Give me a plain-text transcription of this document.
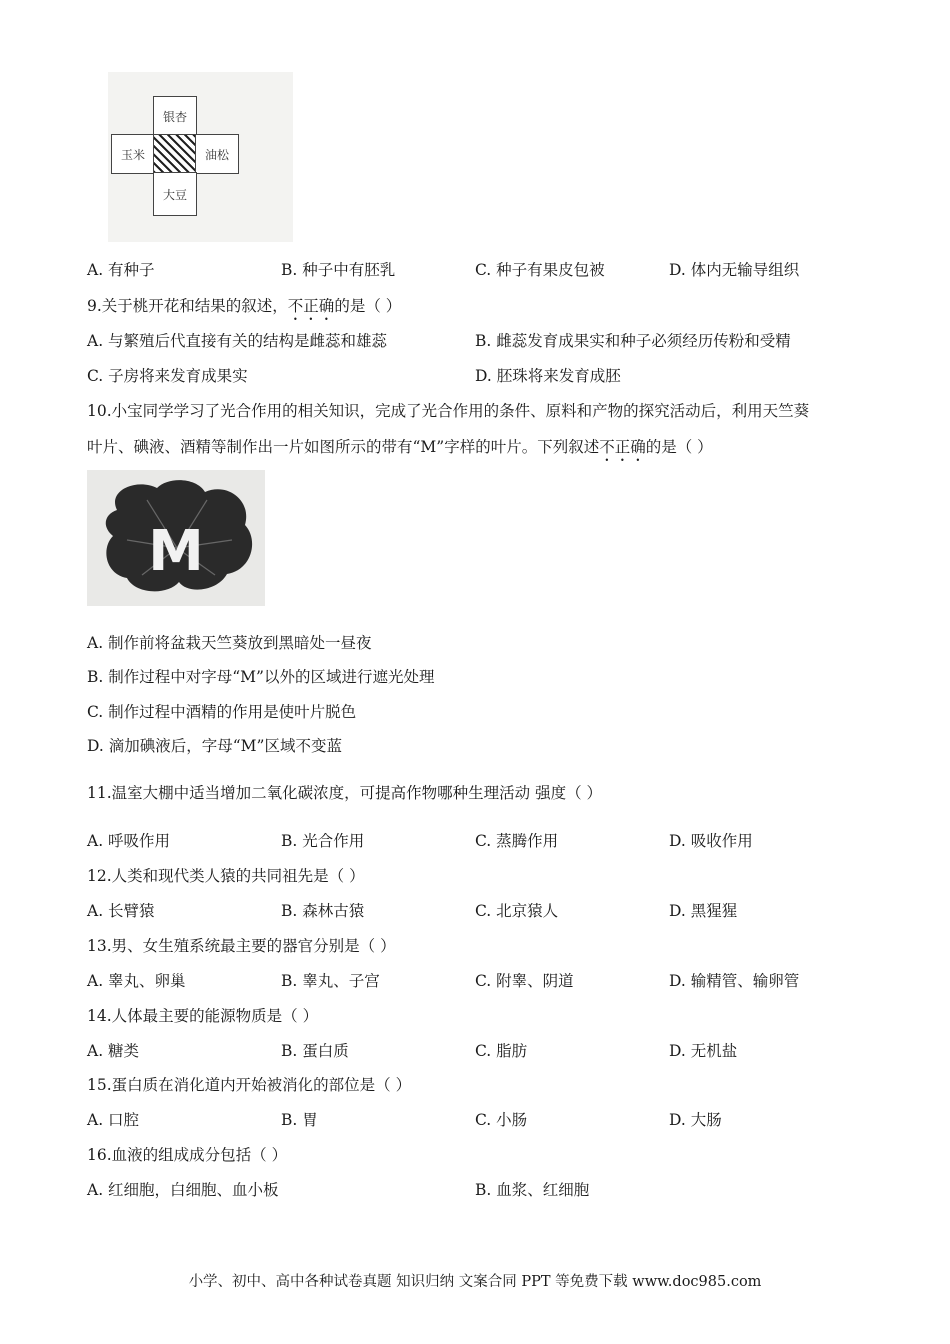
银杏
玉米	油松
大豆
A. 有种子	B. 种子中有胚乳	C. 种子有果皮包被	D. 体内无输导组织
9.关于桃开花和结果的叙述，不正确的是（ ）
A. 与繁殖后代直接有关的结构是雌蕊和雄蕊	B. 雌蕊发育成果实和种子必须经历传粉和受精
C. 子房将来发育成果实	D. 胚珠将来发育成胚
10.小宝同学学习了光合作用的相关知识，完成了光合作用的条件、原料和产物的探究活动后，利用天竺葵
叶片、碘液、酒精等制作出一片如图所示的带有“M”字样的叶片。下列叙述不正确的是（ ）
M
A. 制作前将盆栽天竺葵放到黑暗处一昼夜
B. 制作过程中对字母“M”以外的区域进行遮光处理
C. 制作过程中酒精的作用是使叶片脱色
D. 滴加碘液后，字母“M”区域不变蓝
11.温室大棚中适当增加二氧化碳浓度，可提高作物哪种生理活动 强度（ ）
A. 呼吸作用	B. 光合作用	C. 蒸腾作用	D. 吸收作用
12.人类和现代类人猿的共同祖先是（ ）
A. 长臂猿	B. 森林古猿	C. 北京猿人	D. 黑猩猩
13.男、女生殖系统最主要的器官分别是（ ）
A. 睾丸、卵巢	B. 睾丸、子宫	C. 附睾、阴道	D. 输精管、输卵管
14.人体最主要的能源物质是（ ）
A. 糖类	B. 蛋白质	C. 脂肪	D. 无机盐
15.蛋白质在消化道内开始被消化的部位是（ ）
A. 口腔	B. 胃	C. 小肠	D. 大肠
16.血液的组成成分包括（ ）
A. 红细胞，白细胞、血小板	B. 血浆、红细胞
小学、初中、高中各种试卷真题 知识归纳 文案合同 PPT 等免费下载 www.doc985.com
